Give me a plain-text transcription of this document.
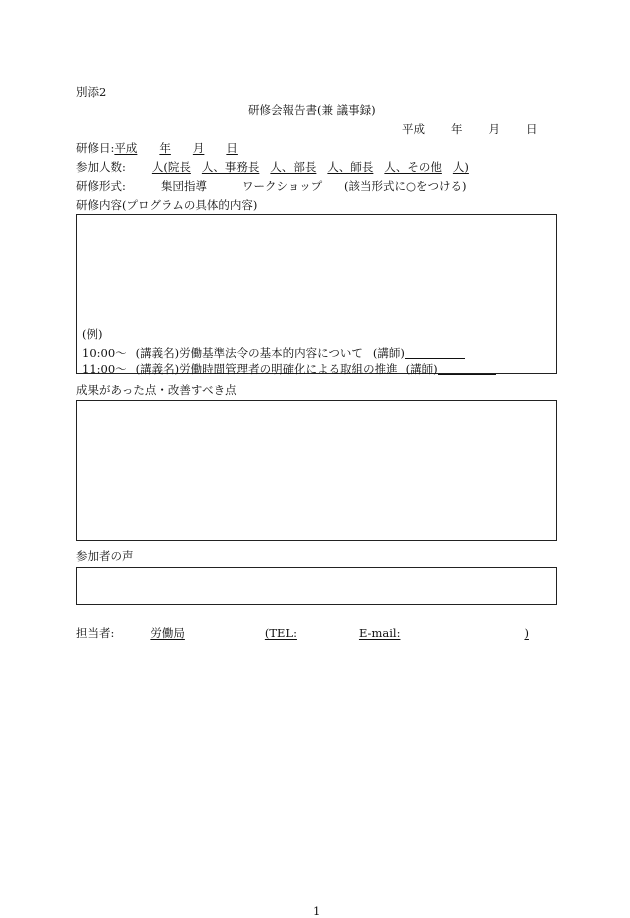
別添2
研修会報告書(兼 議事録)
平成 年 月 日
研修日:平成 年 月 日
参加人数: 人(院長 人、事務長 人、部長 人、師長 人、その他 人)
研修形式:	集団指導	ワークショップ (該当形式に○をつける)
研修内容(プログラムの具体的内容)
(例)
10:00～ (講義名)労働基準法令の基本的内容について (講師)
11:00～ (講義名)労働時間管理者の明確化による取組の推進 (講師)
成果があった点・改善すべき点
参加者の声
担当者:	労働局	(TEL:	E-mail:	)
1
